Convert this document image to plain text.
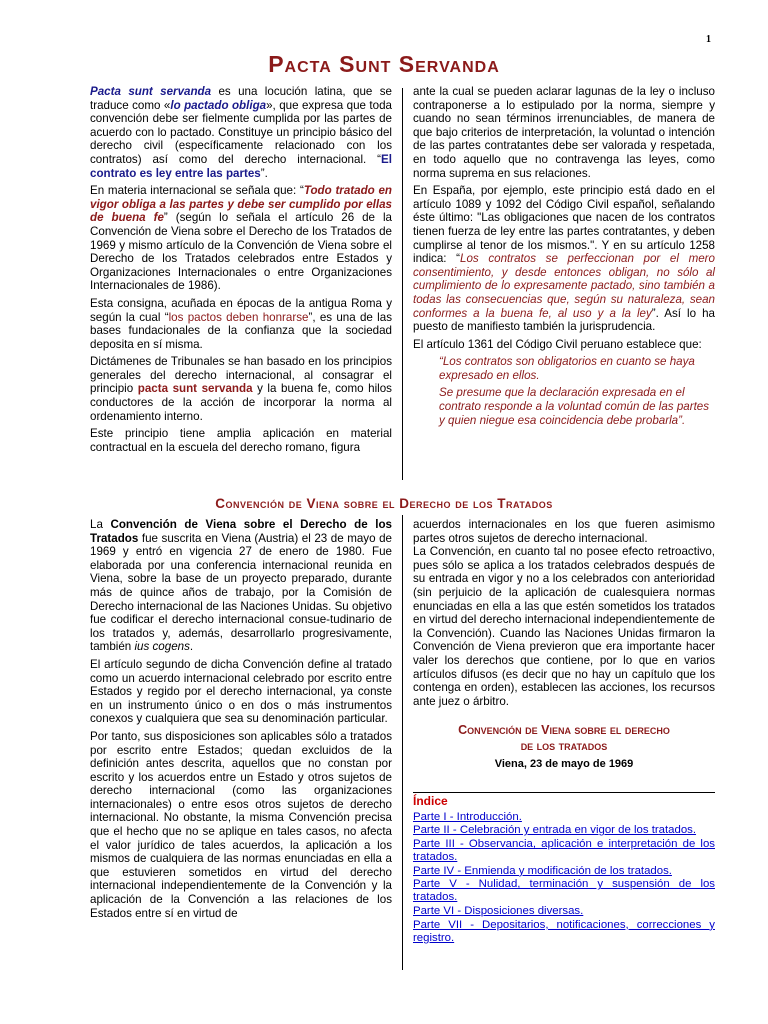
1
Pacta Sunt Servanda

Pacta sunt servanda es una locución latina, que se traduce como «lo pactado obliga», que expresa que toda convención debe ser fielmente cumplida por las partes de acuerdo con lo pactado. Constituye un principio básico del derecho civil (específicamente relacionado con los contratos) así como del derecho internacional. “El contrato es ley entre las partes”.

En materia internacional se señala que: “Todo tratado en vigor obliga a las partes y debe ser cumplido por ellas de buena fe” (según lo señala el artículo 26 de la Convención de Viena sobre el Derecho de los Tratados de 1969 y mismo artículo de la Convención de Viena sobre el Derecho de los Tratados celebrados entre Estados y Organizaciones Internacionales o entre Organizaciones Internacionales de 1986).

Esta consigna, acuñada en épocas de la antigua Roma y según la cual “los pactos deben honrarse”, es una de las bases fundacionales de la confianza que la sociedad deposita en sí misma.

Dictámenes de Tribunales se han basado en los principios generales del derecho internacional, al consagrar el principio pacta sunt servanda y la buena fe, como hilos conductores de la acción de incorporar la norma al ordenamiento interno.

Este principio tiene amplia aplicación en material contractual en la escuela del derecho romano, figura

ante la cual se pueden aclarar lagunas de la ley o incluso contraponerse a lo estipulado por la norma, siempre y cuando no sean términos irrenunciables, de manera de que bajo criterios de interpretación, la voluntad o intención de las partes contratantes debe ser valorada y respetada, en todo aquello que no contravenga las leyes, como norma suprema en sus relaciones.

En España, por ejemplo, este principio está dado en el artículo 1089 y 1092 del Código Civil español, señalando éste último: "Las obligaciones que nacen de los contratos tienen fuerza de ley entre las partes contratantes, y deben cumplirse al tenor de los mismos.". Y en su artículo 1258 indica: “Los contratos se perfeccionan por el mero consentimiento, y desde entonces obligan, no sólo al cumplimiento de lo expresamente pactado, sino también a todas las consecuencias que, según su naturaleza, sean conformes a la buena fe, al uso y a la ley”. Así lo ha puesto de manifiesto también la jurisprudencia.

El artículo 1361 del Código Civil peruano establece que:

“Los contratos son obligatorios en cuanto se haya expresado en ellos.

Se presume que la declaración expresada en el contrato responde a la voluntad común de las partes y quien niegue esa coincidencia debe probarla”.

Convención de Viena sobre el Derecho de los Tratados

La Convención de Viena sobre el Derecho de los Tratados fue suscrita en Viena (Austria) el 23 de mayo de 1969 y entró en vigencia 27 de enero de 1980. Fue elaborada por una conferencia internacional reunida en Viena, sobre la base de un proyecto preparado, durante más de quince años de trabajo, por la Comisión de Derecho internacional de las Naciones Unidas. Su objetivo fue codificar el derecho internacional consue-tudinario de los tratados y, además, desarrollarlo progresivamente, también ius cogens.

El artículo segundo de dicha Convención define al tratado como un acuerdo internacional celebrado por escrito entre Estados y regido por el derecho internacional, ya conste en un instrumento único o en dos o más instrumentos conexos y cualquiera que sea su denominación particular.

Por tanto, sus disposiciones son aplicables sólo a tratados por escrito entre Estados; quedan excluidos de la definición antes descrita, aquellos que no constan por escrito y los acuerdos entre un Estado y otros sujetos de derecho internacional (como las organizaciones internacionales) o entre esos otros sujetos de derecho internacional. No obstante, la misma Convención precisa que el hecho que no se aplique en tales casos, no afecta el valor jurídico de tales acuerdos, la aplicación a los mismos de cualquiera de las normas enunciadas en ella a que estuvieren sometidos en virtud del derecho internacional independientemente de la Convención y la aplicación de la Convención a las relaciones de los Estados entre sí en virtud de

acuerdos internacionales en los que fueren asimismo partes otros sujetos de derecho internacional.

La Convención, en cuanto tal no posee efecto retroactivo, pues sólo se aplica a los tratados celebrados después de su entrada en vigor y no a los celebrados con anterioridad (sin perjuicio de la aplicación de cualesquiera normas enunciadas en ella a las que estén sometidos los tratados en virtud del derecho internacional independientemente de la Convención). Cuando las Naciones Unidas firmaron la Convención de Viena previeron que era importante hacer valer los derechos que contiene, por lo que en varios artículos difusos (es decir que no hay un capítulo que los contenga en orden), establecen las acciones, los recursos ante juez o árbitro.

Convención de Viena sobre el derecho
de los tratados

Viena, 23 de mayo de 1969

Índice

Parte I - Introducción.
Parte II - Celebración y entrada en vigor de los tratados.
Parte III - Observancia, aplicación e interpretación de los tratados.
Parte IV - Enmienda y modificación de los tratados.
Parte V - Nulidad, terminación y suspensión de los tratados.
Parte VI - Disposiciones diversas.
Parte VII - Depositarios, notificaciones, correcciones y registro.
